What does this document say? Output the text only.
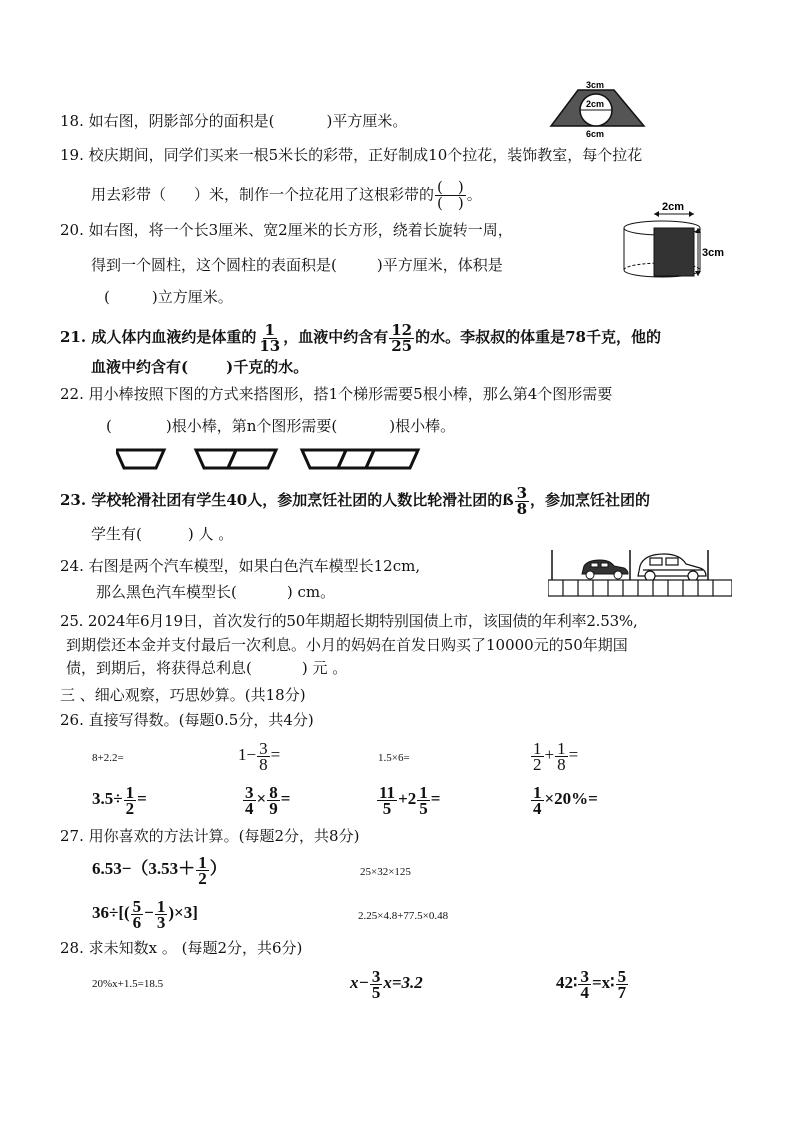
18. 如右图，阴影部分的面积是(	)平方厘米。
3cm
2cm
6cm
19. 校庆期间，同学们买来一根5米长的彩带，正好制成10个拉花，装饰教室，每个拉花
用去彩带（ ）米，制作一个拉花用了这根彩带的 $\frac{( )}{( )}$ 。
20. 如右图，将一个长3厘米、宽2厘米的长方形，绕着长旋转一周，
得到一个圆柱，这个圆柱的表面积是(	)平方厘米，体积是
(	)立方厘米。
2cm
3cm
21. 成人体内血液约是体重的 $\frac{1}{13}$ ，血液中约含有 $\frac{12}{25}$ 的水。李叔叔的体重是78千克，他的
血液中约含有(	)千克的水。
22. 用小棒按照下图的方式来搭图形，搭1个梯形需要5根小棒，那么第4个图形需要
(	)根小棒，第n个图形需要(	)根小棒。
23. 学校轮滑社团有学生40人，参加烹饪社团的人数比轮滑社团的ß $\frac{3}{8}$ ，参加烹饪社团的
学生有(	) 人 。
24. 右图是两个汽车模型，如果白色汽车模型长12cm,
那么黑色汽车模型长(	) cm。
25. 2024年6月19日，首次发行的50年期超长期特别国债上市，该国债的年利率2.53%,
到期偿还本金并支付最后一次利息。小月的妈妈在首发日购买了10000元的50年期国
债，到期后，将获得总利息(	) 元 。
三 、细心观察，巧思妙算。(共18分)
26. 直接写得数。(每题0.5分，共4分)
8+2.2=	$1- \frac{3}{8}$ =	1.5×6=	$\frac{1}{2} + \frac{1}{8}$ =
$3.5\div \frac{1}{2}$ =	$\frac{3}{4} \times \frac{8}{9}$ =	$\frac{11}{5} +2 \frac{1}{5}$ =	$\frac{1}{4} \times 20\%=$
27. 用你喜欢的方法计算。(每题2分，共8分)
$6.53-(3.53+ \frac{1}{2}$ ）	25×32×125
$36\div[( \frac{5}{6} - \frac{1}{3} )\times 3]$	2.25×4.8+77.5×0.48
28. 求未知数x 。 (每题2分，共6分)
20%x+1.5=18.5	$x- \frac{3}{5} x=3.2$	42∶ $\frac{3}{4}$ =x∶ $\frac{5}{7}$
